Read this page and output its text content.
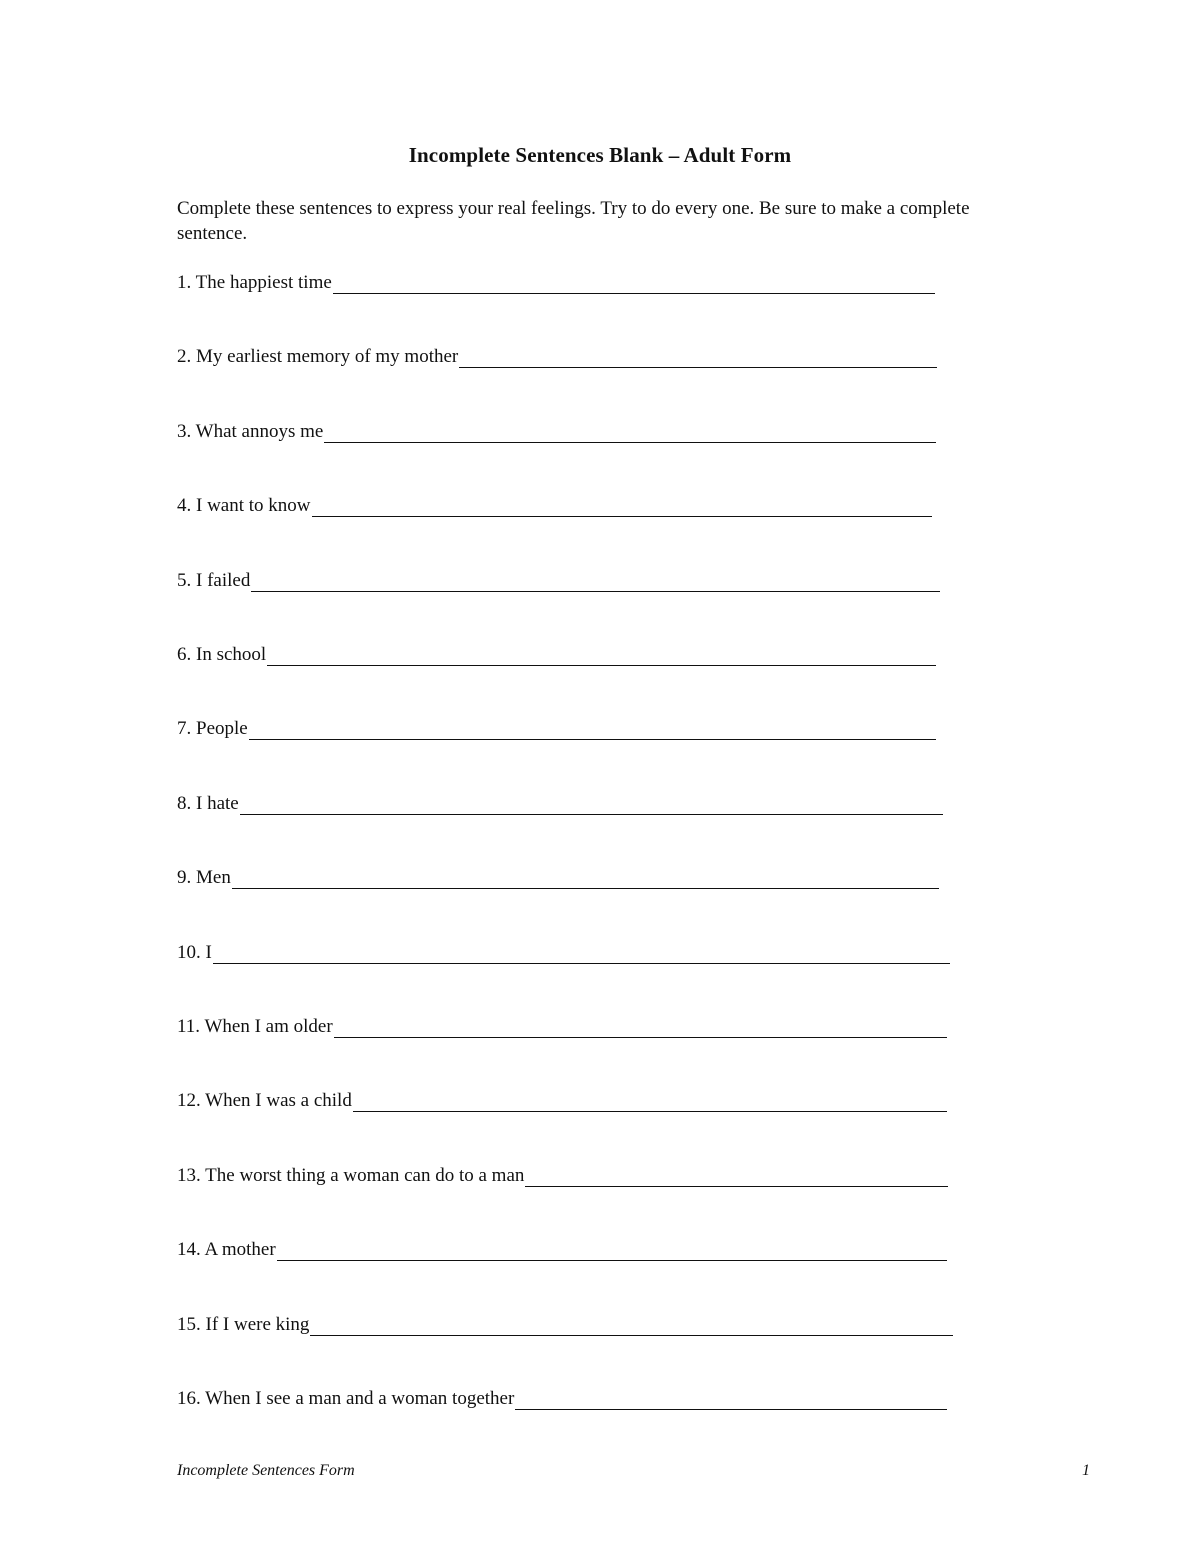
Incomplete Sentences Blank – Adult Form
Complete these sentences to express your real feelings. Try to do every one. Be sure to make a complete sentence.
1. The happiest time
2. My earliest memory of my mother
3. What annoys me
4. I want to know
5. I failed
6. In school
7. People
8. I hate
9. Men
10. I
11. When I am older
12. When I was a child
13. The worst thing a woman can do to a man
14. A mother
15. If I were king
16. When I see a man and a woman together
Incomplete Sentences Form	1
